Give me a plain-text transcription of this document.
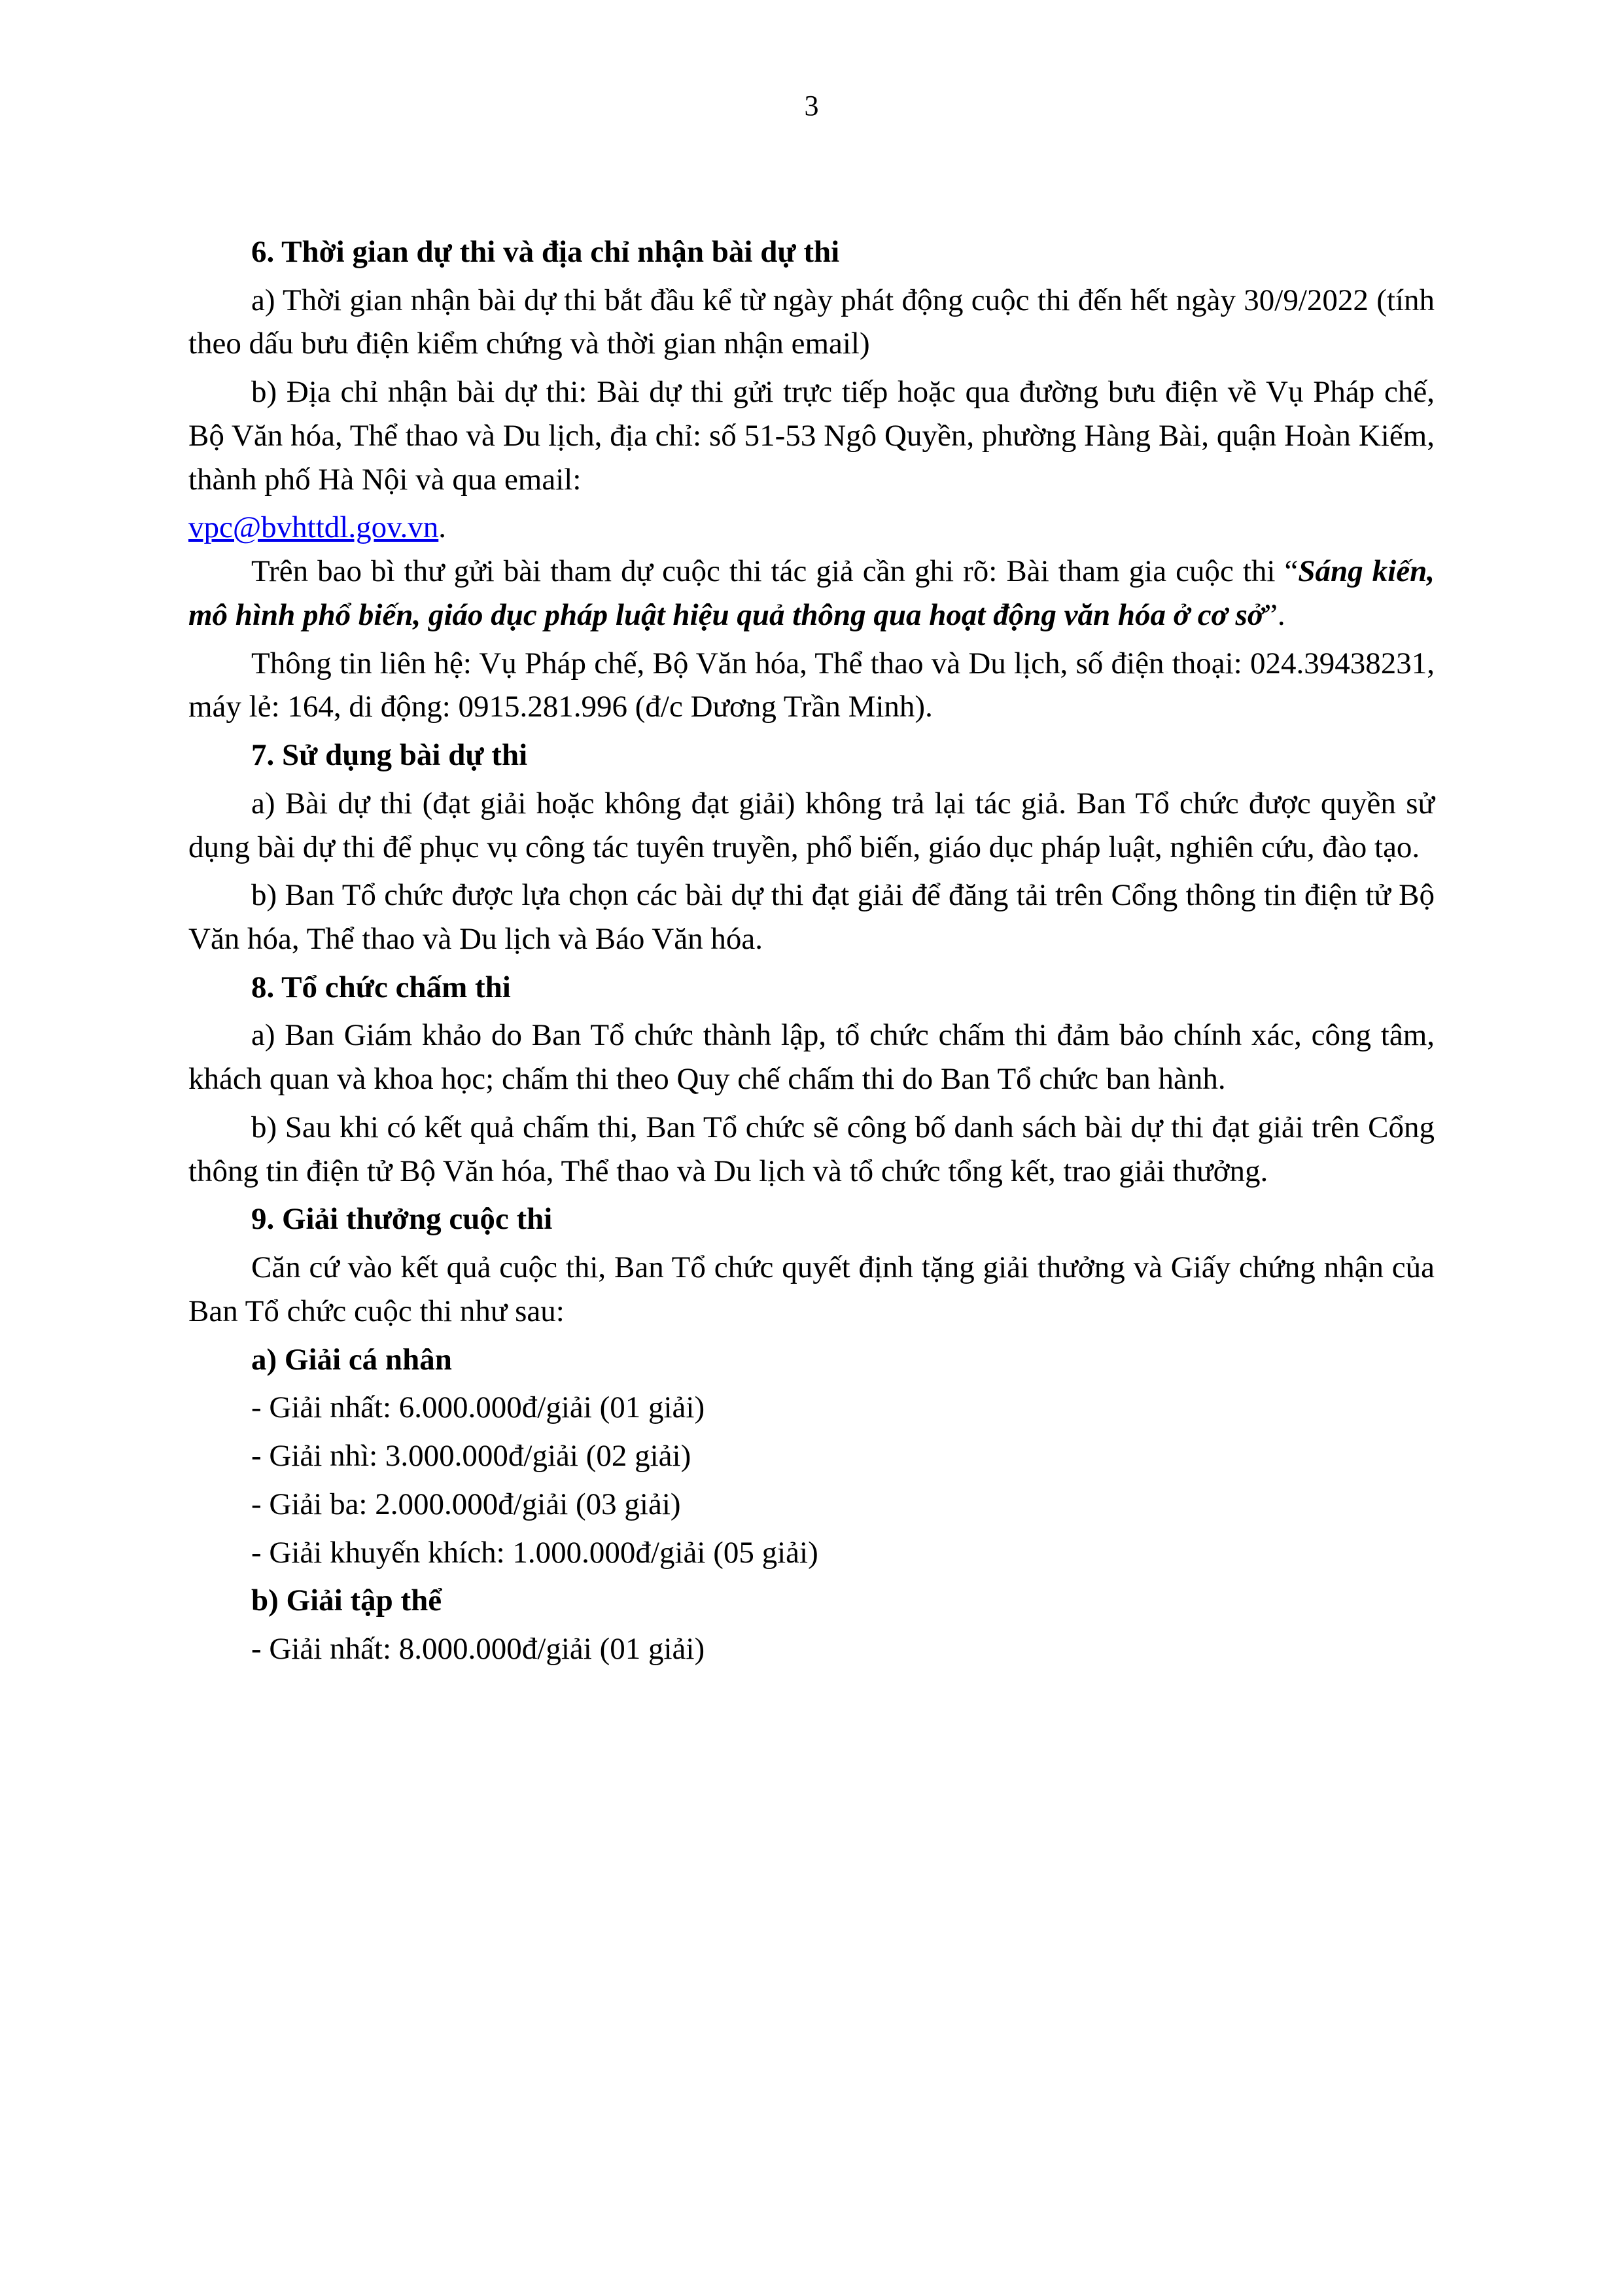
3

6. Thời gian dự thi và địa chỉ nhận bài dự thi

a) Thời gian nhận bài dự thi bắt đầu kể từ ngày phát động cuộc thi đến hết ngày 30/9/2022 (tính theo dấu bưu điện kiểm chứng và thời gian nhận email)

b) Địa chỉ nhận bài dự thi: Bài dự thi gửi trực tiếp hoặc qua đường bưu điện về Vụ Pháp chế, Bộ Văn hóa, Thể thao và Du lịch, địa chỉ: số 51-53 Ngô Quyền, phường Hàng Bài, quận Hoàn Kiếm, thành phố Hà Nội và qua email:

vpc@bvhttdl.gov.vn.

Trên bao bì thư gửi bài tham dự cuộc thi tác giả cần ghi rõ: Bài tham gia cuộc thi “Sáng kiến, mô hình phổ biến, giáo dục pháp luật hiệu quả thông qua hoạt động văn hóa ở cơ sở”.

Thông tin liên hệ: Vụ Pháp chế, Bộ Văn hóa, Thể thao và Du lịch, số điện thoại: 024.39438231, máy lẻ: 164, di động: 0915.281.996 (đ/c Dương Trần Minh).

7. Sử dụng bài dự thi

a) Bài dự thi (đạt giải hoặc không đạt giải) không trả lại tác giả. Ban Tổ chức được quyền sử dụng bài dự thi để phục vụ công tác tuyên truyền, phổ biến, giáo dục pháp luật, nghiên cứu, đào tạo.

b) Ban Tổ chức được lựa chọn các bài dự thi đạt giải để đăng tải trên Cổng thông tin điện tử Bộ Văn hóa, Thể thao và Du lịch và Báo Văn hóa.

8. Tổ chức chấm thi

a) Ban Giám khảo do Ban Tổ chức thành lập, tổ chức chấm thi đảm bảo chính xác, công tâm, khách quan và khoa học; chấm thi theo Quy chế chấm thi do Ban Tổ chức ban hành.

b) Sau khi có kết quả chấm thi, Ban Tổ chức sẽ công bố danh sách bài dự thi đạt giải trên Cổng thông tin điện tử Bộ Văn hóa, Thể thao và Du lịch và tổ chức tổng kết, trao giải thưởng.

9. Giải thưởng cuộc thi

Căn cứ vào kết quả cuộc thi, Ban Tổ chức quyết định tặng giải thưởng và Giấy chứng nhận của Ban Tổ chức cuộc thi như sau:

a) Giải cá nhân

- Giải nhất: 6.000.000đ/giải (01 giải)

- Giải nhì: 3.000.000đ/giải (02 giải)

- Giải ba: 2.000.000đ/giải (03 giải)

- Giải khuyến khích: 1.000.000đ/giải (05 giải)

b) Giải tập thể

- Giải nhất: 8.000.000đ/giải (01 giải)
